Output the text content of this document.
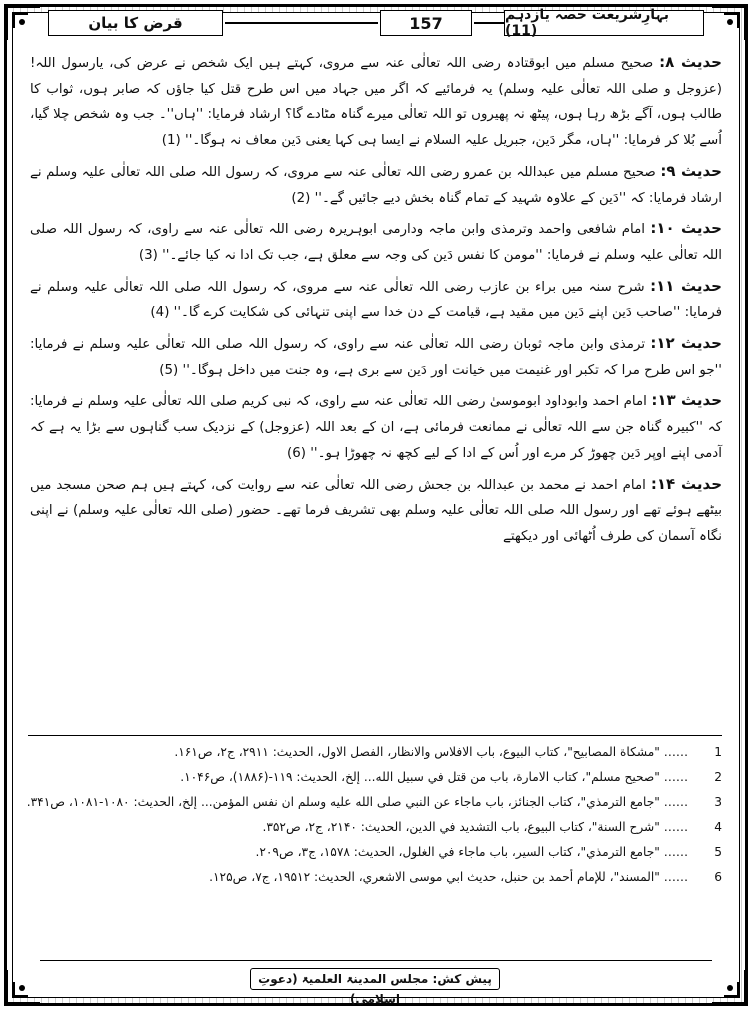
قرض کا بیان	157	بہارِشریعت حصہ یازدہم (11)

حدیث ۸: صحیح مسلم میں ابوقتادہ رضی اللہ تعالٰی عنہ سے مروی، کہتے ہیں ایک شخص نے عرض کی، یارسول اللہ! (عزوجل و صلی اللہ تعالٰی علیہ وسلم) یہ فرمائیے کہ اگر میں جہاد میں اس طرح قتل کیا جاؤں کہ صابر ہوں، ثواب کا طالب ہوں، آگے بڑھ رہا ہوں، پیٹھ نہ پھیروں تو اللہ تعالٰی میرے گناہ مٹادے گا؟ ارشاد فرمایا: ''ہاں''۔ جب وہ شخص چلا گیا، اُسے بُلا کر فرمایا: ''ہاں، مگر دَین، جبریل علیہ السلام نے ایسا ہی کہا یعنی دَین معاف نہ ہوگا۔'' (1)

حدیث ۹: صحیح مسلم میں عبداللہ بن عمرو رضی اللہ تعالٰی عنہ سے مروی، کہ رسول اللہ صلی اللہ تعالٰی علیہ وسلم نے ارشاد فرمایا: کہ ''دَین کے علاوہ شہید کے تمام گناہ بخش دیے جائیں گے۔'' (2)

حدیث ۱۰: امام شافعی واحمد وترمذی وابن ماجہ ودارمی ابوہریرہ رضی اللہ تعالٰی عنہ سے راوی، کہ رسول اللہ صلی اللہ تعالٰی علیہ وسلم نے فرمایا: ''مومن کا نفس دَین کی وجہ سے معلق ہے، جب تک ادا نہ کیا جائے۔'' (3)

حدیث ۱۱: شرح سنہ میں براء بن عازب رضی اللہ تعالٰی عنہ سے مروی، کہ رسول اللہ صلی اللہ تعالٰی علیہ وسلم نے فرمایا: ''صاحب دَین اپنے دَین میں مقید ہے، قیامت کے دن خدا سے اپنی تنہائی کی شکایت کرے گا۔'' (4)

حدیث ۱۲: ترمذی وابن ماجہ ثوبان رضی اللہ تعالٰی عنہ سے راوی، کہ رسول اللہ صلی اللہ تعالٰی علیہ وسلم نے فرمایا: ''جو اس طرح مرا کہ تکبر اور غنیمت میں خیانت اور دَین سے بری ہے، وہ جنت میں داخل ہوگا۔'' (5)

حدیث ۱۳: امام احمد وابوداود ابوموسیٰ رضی اللہ تعالٰی عنہ سے راوی، کہ نبی کریم صلی اللہ تعالٰی علیہ وسلم نے فرمایا: کہ ''کبیرہ گناہ جن سے اللہ تعالٰی نے ممانعت فرمائی ہے، ان کے بعد اللہ (عزوجل) کے نزدیک سب گناہوں سے بڑا یہ ہے کہ آدمی اپنے اوپر دَین چھوڑ کر مرے اور اُس کے ادا کے لیے کچھ نہ چھوڑا ہو۔'' (6)

حدیث ۱۴: امام احمد نے محمد بن عبداللہ بن جحش رضی اللہ تعالٰی عنہ سے روایت کی، کہتے ہیں ہم صحن مسجد میں بیٹھے ہوئے تھے اور رسول اللہ صلی اللہ تعالٰی علیہ وسلم بھی تشریف فرما تھے۔ حضور (صلی اللہ تعالٰی علیہ وسلم) نے اپنی نگاہ آسمان کی طرف اُٹھائی اور دیکھتے

1 …… "مشكاة المصابيح"، كتاب البيوع، باب الافلاس والانظار، الفصل الاول، الحديث: ۲۹۱۱، ج۲، ص۱۶۱.
2 …… "صحيح مسلم"، كتاب الامارة، باب من قتل في سبيل الله... إلخ، الحديث: ۱۱۹-(۱۸۸۶)، ص۱۰۴۶.
3 …… "جامع الترمذي"، كتاب الجنائز، باب ماجاء عن النبي صلى الله عليه وسلم ان نفس المؤمن... إلخ، الحديث: ۱۰۸۰-۱۰۸۱، ص۳۴۱.
4 …… "شرح السنة"، كتاب البيوع، باب التشديد في الدين، الحديث: ۲۱۴۰، ج۲، ص۳۵۲.
5 …… "جامع الترمذي"، كتاب السير، باب ماجاء في الغلول، الحديث: ۱۵۷۸، ج۳، ص۲۰۹.
6 …… "المسند"، للإمام أحمد بن حنبل، حديث ابي موسى الاشعري، الحديث: ۱۹۵۱۲، ج۷، ص۱۲۵.
پیش کش: مجلس المدینۃ العلمیۃ (دعوتِ اسلامی)
